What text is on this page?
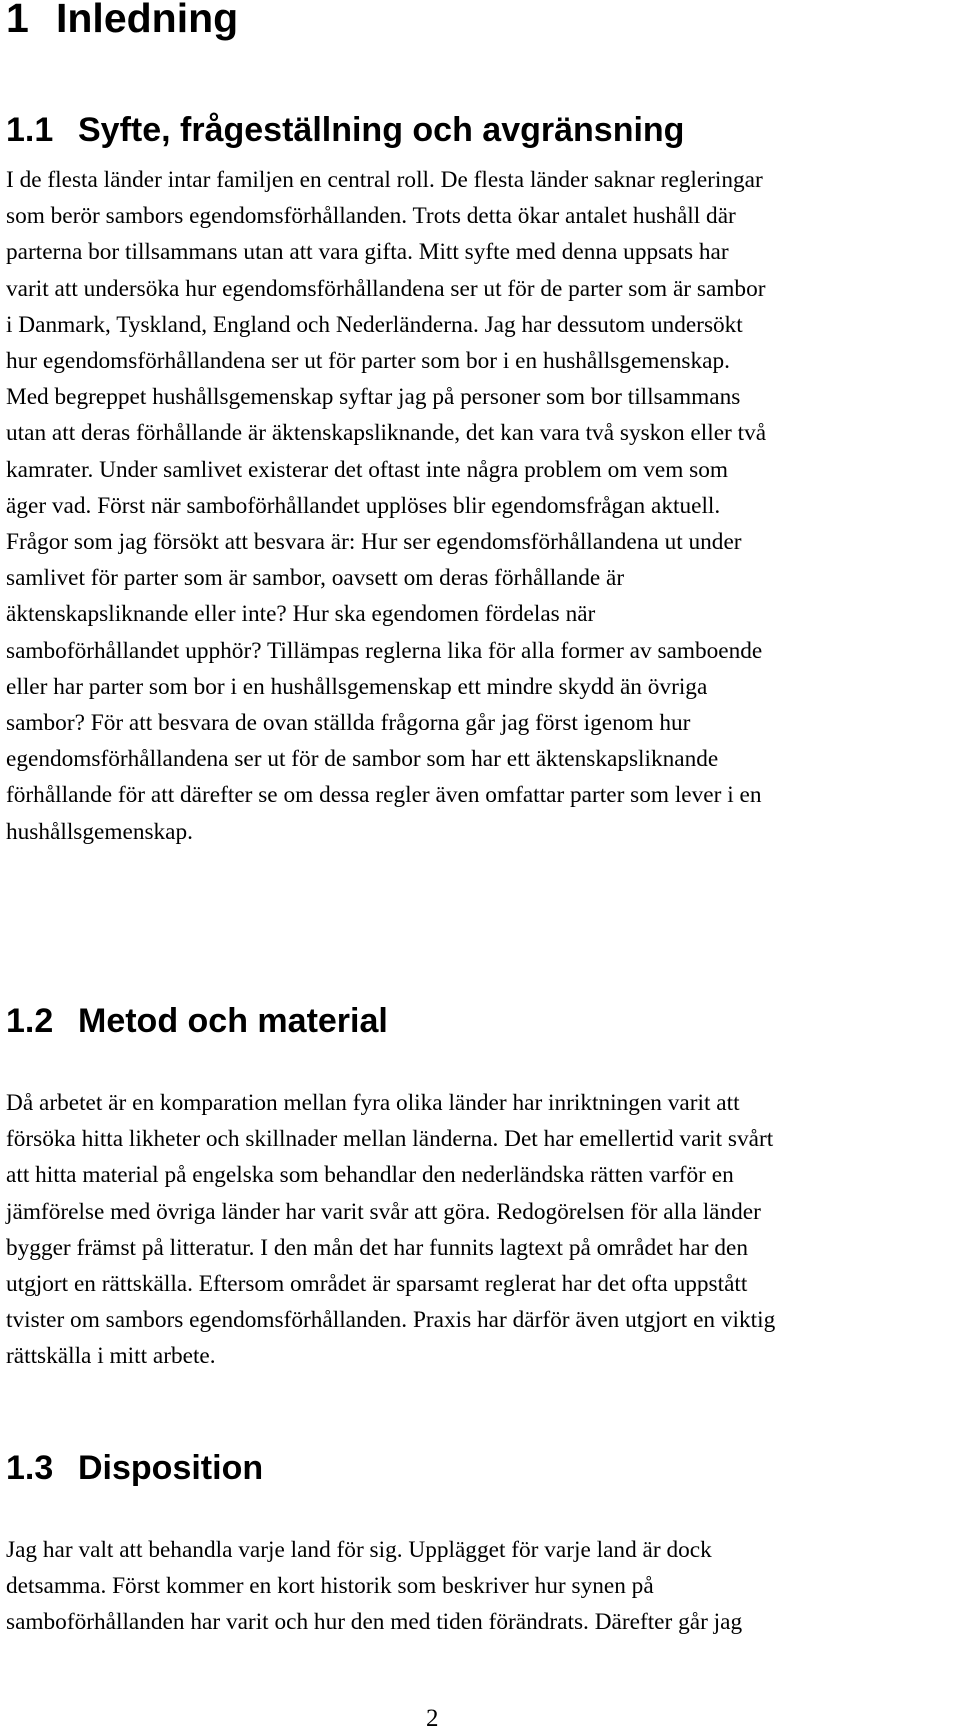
1 Inledning
1.1 Syfte, frågeställning och avgränsning

I de flesta länder intar familjen en central roll. De flesta länder saknar regleringar
som berör sambors egendomsförhållanden. Trots detta ökar antalet hushåll där
parterna bor tillsammans utan att vara gifta. Mitt syfte med denna uppsats har
varit att undersöka hur egendomsförhållandena ser ut för de parter som är sambor
i Danmark, Tyskland, England och Nederländerna. Jag har dessutom undersökt
hur egendomsförhållandena ser ut för parter som bor i en hushållsgemenskap.
Med begreppet hushållsgemenskap syftar jag på personer som bor tillsammans
utan att deras förhållande är äktenskapsliknande, det kan vara två syskon eller två
kamrater. Under samlivet existerar det oftast inte några problem om vem som
äger vad. Först när samboförhållandet upplöses blir egendomsfrågan aktuell.
Frågor som jag försökt att besvara är: Hur ser egendomsförhållandena ut under
samlivet för parter som är sambor, oavsett om deras förhållande är
äktenskapsliknande eller inte? Hur ska egendomen fördelas när
samboförhållandet upphör? Tillämpas reglerna lika för alla former av samboende
eller har parter som bor i en hushållsgemenskap ett mindre skydd än övriga
sambor? För att besvara de ovan ställda frågorna går jag först igenom hur
egendomsförhållandena ser ut för de sambor som har ett äktenskapsliknande
förhållande för att därefter se om dessa regler även omfattar parter som lever i en
hushållsgemenskap.

1.2 Metod och material

Då arbetet är en komparation mellan fyra olika länder har inriktningen varit att
försöka hitta likheter och skillnader mellan länderna. Det har emellertid varit svårt
att hitta material på engelska som behandlar den nederländska rätten varför en
jämförelse med övriga länder har varit svår att göra. Redogörelsen för alla länder
bygger främst på litteratur. I den mån det har funnits lagtext på området har den
utgjort en rättskälla. Eftersom området är sparsamt reglerat har det ofta uppstått
tvister om sambors egendomsförhållanden. Praxis har därför även utgjort en viktig
rättskälla i mitt arbete.

1.3 Disposition

Jag har valt att behandla varje land för sig. Upplägget för varje land är dock
detsamma. Först kommer en kort historik som beskriver hur synen på
samboförhållanden har varit och hur den med tiden förändrats. Därefter går jag

2
